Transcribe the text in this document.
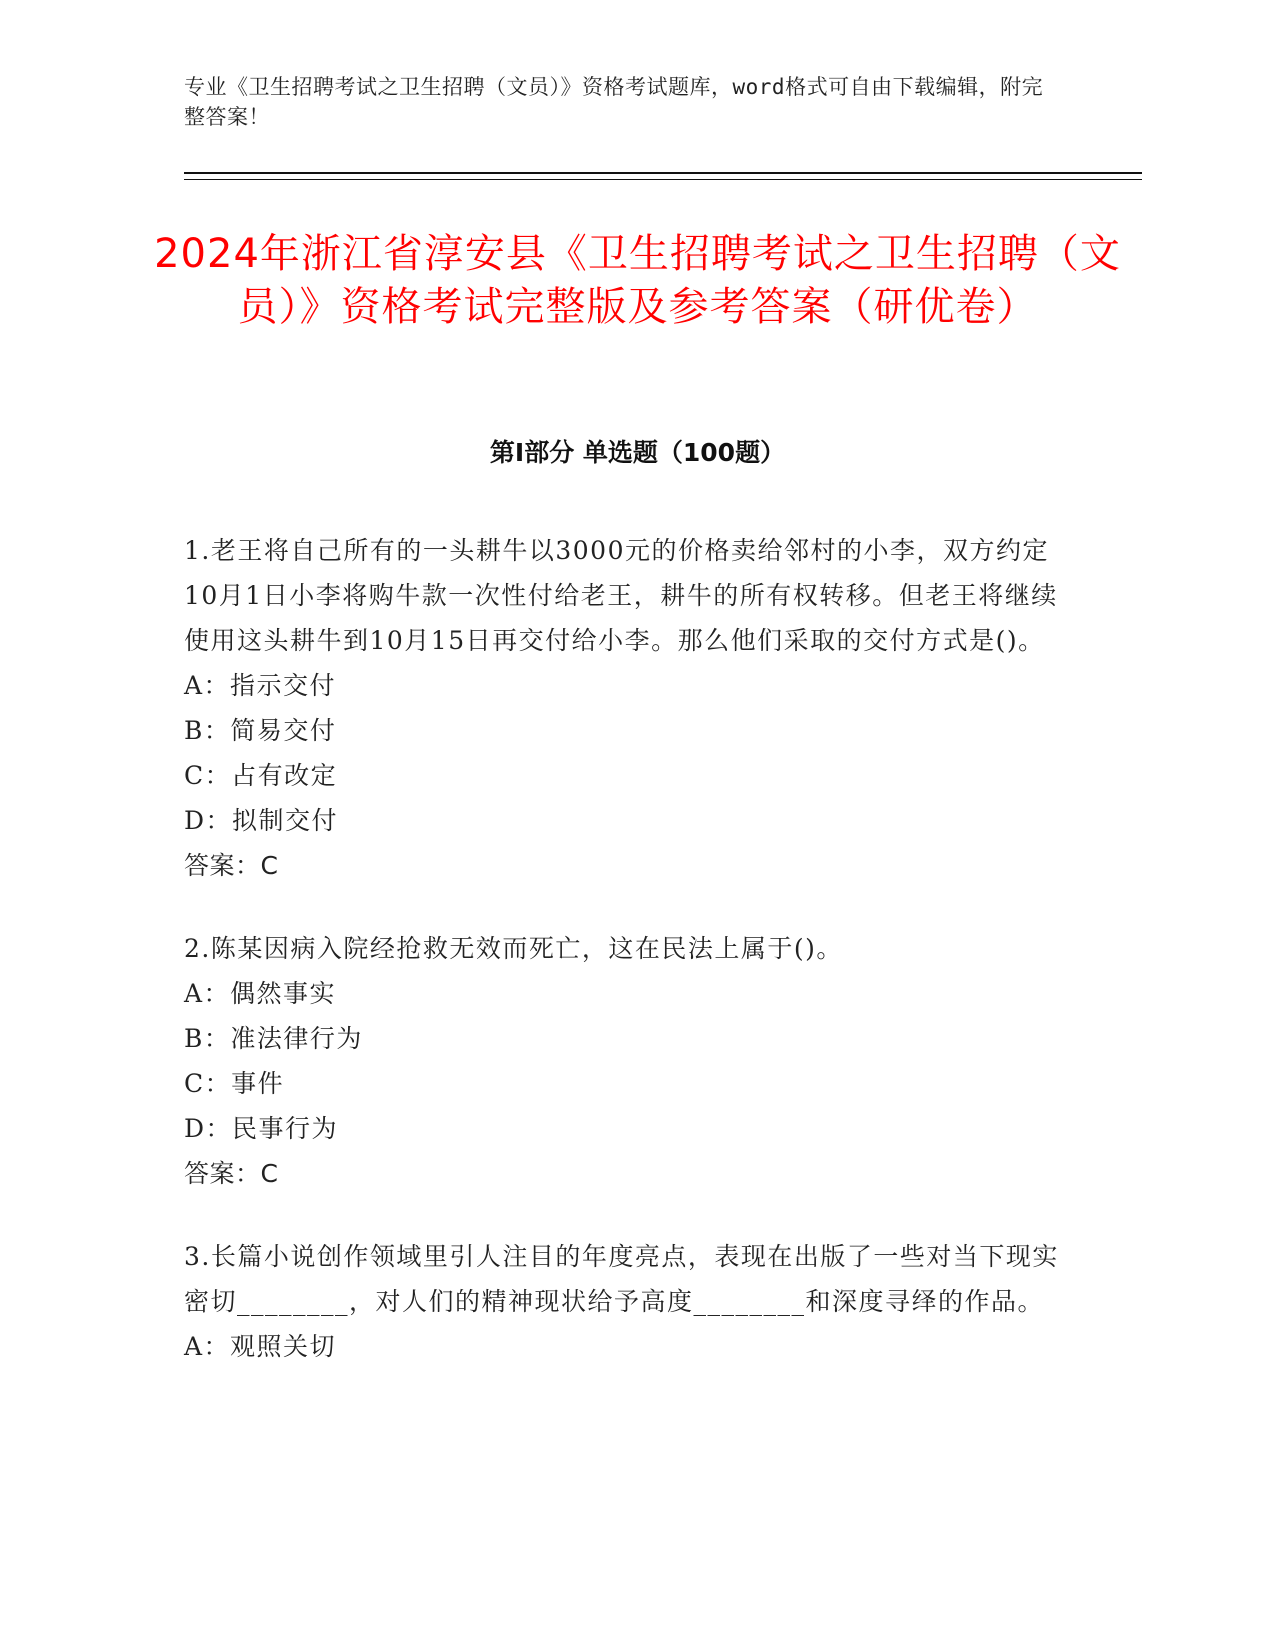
专业《卫生招聘考试之卫生招聘（文员）》资格考试题库，word格式可自由下载编辑，附完整答案！
2024年浙江省淳安县《卫生招聘考试之卫生招聘（文员）》资格考试完整版及参考答案（研优卷）
第Ⅰ部分 单选题（100题）

1.老王将自己所有的一头耕牛以3000元的价格卖给邻村的小李，双方约定10月1日小李将购牛款一次性付给老王，耕牛的所有权转移。但老王将继续使用这头耕牛到10月15日再交付给小李。那么他们采取的交付方式是()。

A：指示交付

B：简易交付

C：占有改定

D：拟制交付

答案：C

2.陈某因病入院经抢救无效而死亡，这在民法上属于()。

A：偶然事实

B：准法律行为

C：事件

D：民事行为

答案：C

3.长篇小说创作领域里引人注目的年度亮点，表现在出版了一些对当下现实密切________，对人们的精神现状给予高度________和深度寻绎的作品。

A：观照关切
